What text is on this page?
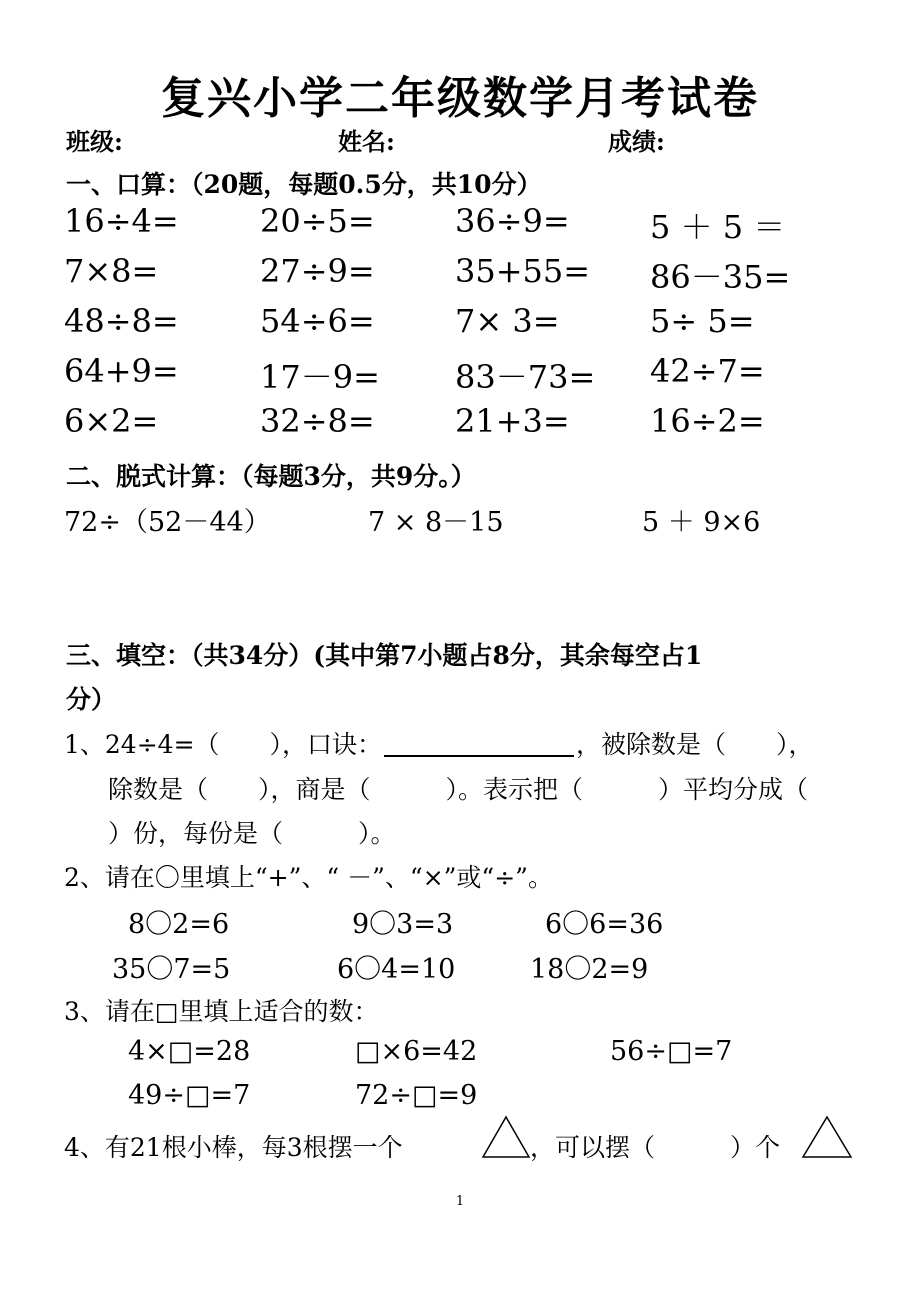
复兴小学二年级数学月考试卷
班级:	姓名:	成绩:
一、口算：（20题，每题0.5分，共10分）
16÷4=	20÷5=	36÷9=	5 ＋ 5 ＝
7×8=	27÷9=	35+55= 86－35=
48÷8=	54÷6=	7× 3=	5÷ 5=
64+9=	17－9= 83－73= 42÷7=
6×2=	32÷8=	21+3=	16÷2=
二、脱式计算：（每题3分，共9分。）
72÷（52－44）	7 × 8－15	5 ＋ 9×6
三、填空：（共34分）(其中第7小题占8分，其余每空占1
分）
1、24÷4=（　　），口诀：	，被除数是（　　），
除数是（　　），商是（　　　）。表示把（　　　）平均分成（
）份，每份是（　　　）。
2、请在〇里填上“+”、“ －”、“×”或“÷”。
8〇2=6	9〇3=3	6〇6=36
35〇7=5	6〇4=10	18〇2=9
3、请在□里填上适合的数：
4×□=28	□×6=42	56÷□=7
49÷□=7	72÷□=9
4、有21根小棒，每3根摆一个	，可以摆（　　　）个
1
